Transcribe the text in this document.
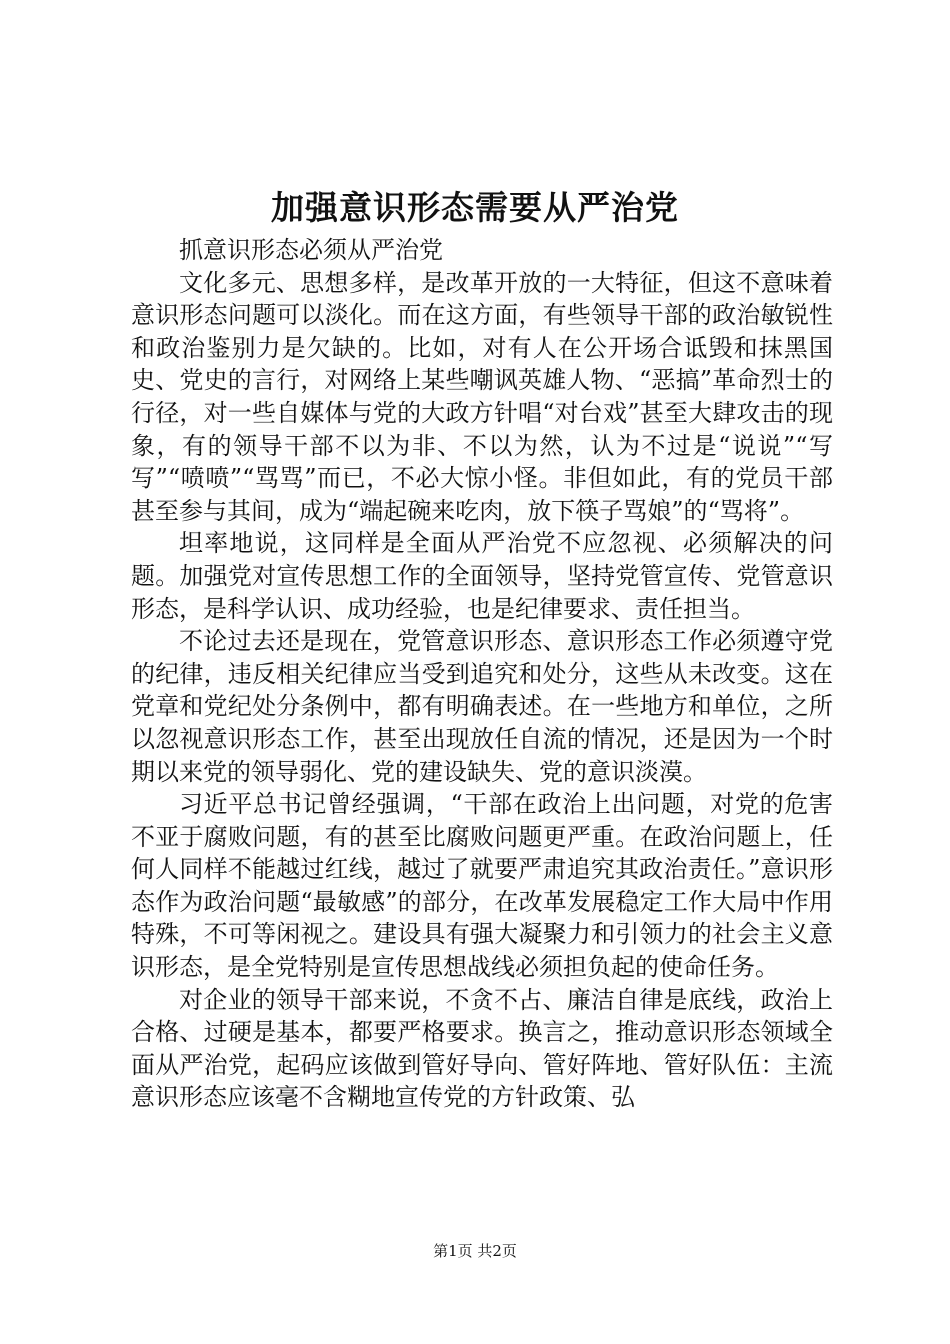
加强意识形态需要从严治党

抓意识形态必须从严治党

文化多元、思想多样，是改革开放的一大特征，但这不意味着意识形态问题可以淡化。而在这方面，有些领导干部的政治敏锐性和政治鉴别力是欠缺的。比如，对有人在公开场合诋毁和抹黑国史、党史的言行，对网络上某些嘲讽英雄人物、“恶搞”革命烈士的行径，对一些自媒体与党的大政方针唱“对台戏”甚至大肆攻击的现象，有的领导干部不以为非、不以为然，认为不过是“说说”“写写”“喷喷”“骂骂”而已，不必大惊小怪。非但如此，有的党员干部甚至参与其间，成为“端起碗来吃肉，放下筷子骂娘”的“骂将”。

坦率地说，这同样是全面从严治党不应忽视、必须解决的问题。加强党对宣传思想工作的全面领导，坚持党管宣传、党管意识形态，是科学认识、成功经验，也是纪律要求、责任担当。

不论过去还是现在，党管意识形态、意识形态工作必须遵守党的纪律，违反相关纪律应当受到追究和处分，这些从未改变。这在党章和党纪处分条例中，都有明确表述。在一些地方和单位，之所以忽视意识形态工作，甚至出现放任自流的情况，还是因为一个时期以来党的领导弱化、党的建设缺失、党的意识淡漠。

习近平总书记曾经强调，“干部在政治上出问题，对党的危害不亚于腐败问题，有的甚至比腐败问题更严重。在政治问题上，任何人同样不能越过红线，越过了就要严肃追究其政治责任。”意识形态作为政治问题“最敏感”的部分，在改革发展稳定工作大局中作用特殊，不可等闲视之。建设具有强大凝聚力和引领力的社会主义意识形态，是全党特别是宣传思想战线必须担负起的使命任务。

对企业的领导干部来说，不贪不占、廉洁自律是底线，政治上合格、过硬是基本，都要严格要求。换言之，推动意识形态领域全面从严治党，起码应该做到管好导向、管好阵地、管好队伍：主流意识形态应该毫不含糊地宣传党的方针政策、弘

第1页 共2页
